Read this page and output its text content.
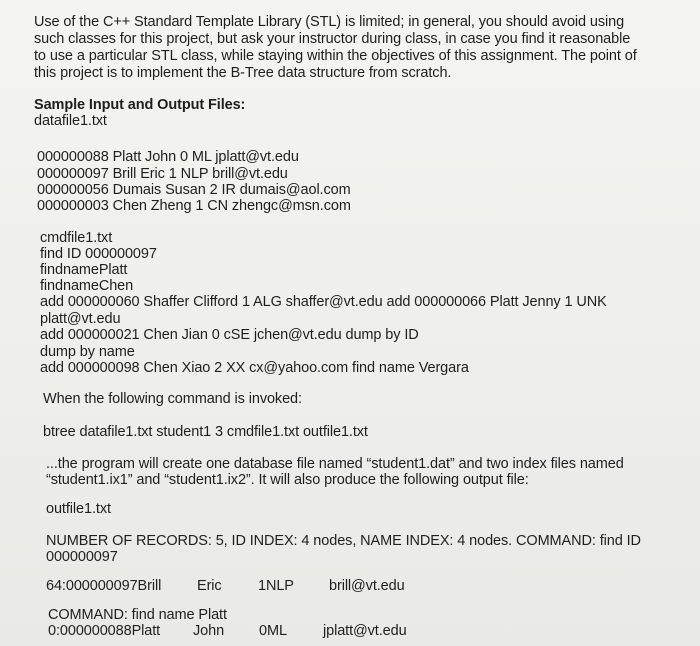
Use of the C++ Standard Template Library (STL) is limited; in general, you should avoid using
such classes for this project, but ask your instructor during class, in case you find it reasonable
to use a particular STL class, while staying within the objectives of this assignment. The point of
this project is to implement the B-Tree data structure from scratch.
Sample Input and Output Files:
datafile1.txt
000000088 Platt John 0 ML jplatt@vt.edu
000000097 Brill Eric 1 NLP brill@vt.edu
000000056 Dumais Susan 2 IR dumais@aol.com
000000003 Chen Zheng 1 CN zhengc@msn.com
cmdfile1.txt
find ID 000000097
findnamePlatt
findnameChen
add 000000060 Shaffer Clifford 1 ALG shaffer@vt.edu add 000000066 Platt Jenny 1 UNK
platt@vt.edu
add 000000021 Chen Jian 0 cSE jchen@vt.edu dump by ID
dump by name
add 000000098 Chen Xiao 2 XX cx@yahoo.com find name Vergara
When the following command is invoked:
btree datafile1.txt student1 3 cmdfile1.txt outfile1.txt
...the program will create one database file named “student1.dat” and two index files named
“student1.ix1” and “student1.ix2”. It will also produce the following output file:
outfile1.txt
NUMBER OF RECORDS: 5, ID INDEX: 4 nodes, NAME INDEX: 4 nodes. COMMAND: find ID
000000097
64:000000097Brill Eric	1NLP brill@vt.edu
COMMAND: find name Platt
0:000000088Platt John 0ML jplatt@vt.edu
